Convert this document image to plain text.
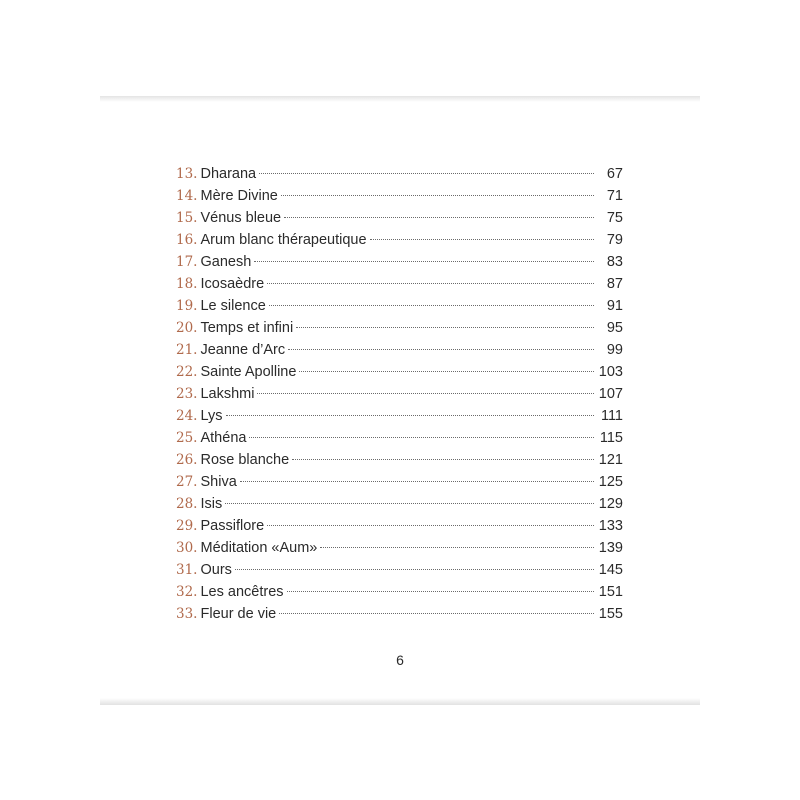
13. Dharana	67
14. Mère Divine	71
15. Vénus bleue	75
16. Arum blanc thérapeutique	79
17. Ganesh	83
18. Icosaèdre	87
19. Le silence	91
20. Temps et infini	95
21. Jeanne d’Arc	99
22. Sainte Apolline	103
23. Lakshmi	107
24. Lys	111
25. Athéna	115
26. Rose blanche	121
27. Shiva	125
28. Isis	129
29. Passiflore	133
30. Méditation «Aum»	139
31. Ours	145
32. Les ancêtres	151
33. Fleur de vie	155
6
